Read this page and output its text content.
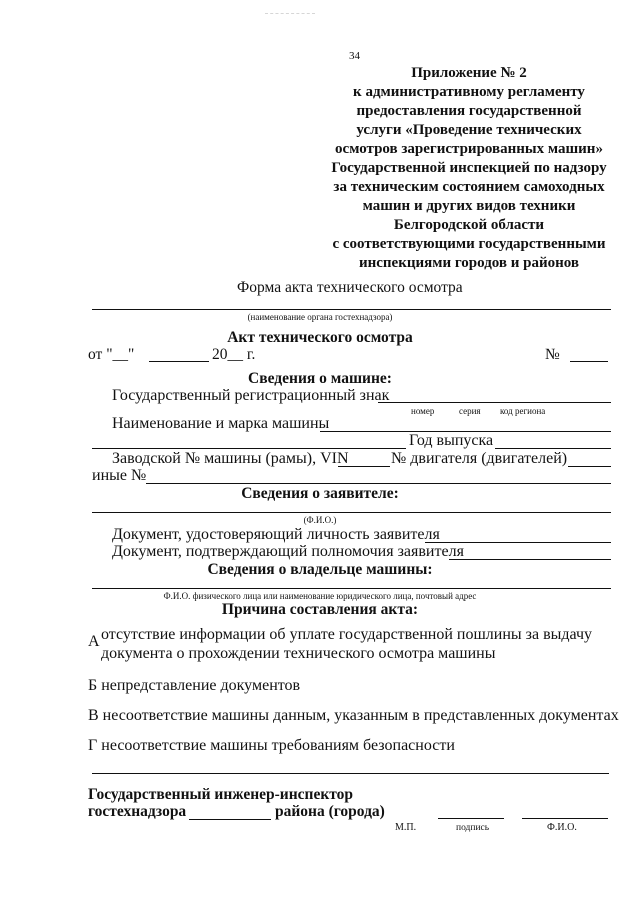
34
Приложение № 2
к административному регламенту
предоставления государственной
услуги «Проведение технических
осмотров зарегистрированных машин»
Государственной инспекцией по надзору
за техническим состоянием самоходных
машин и других видов техники
Белгородской области
с соответствующими государственными
инспекциями городов и районов
Форма акта технического осмотра
(наименование органа гостехнадзора)
Акт технического осмотра
от "__"	20__ г.	№
Сведения о машине:
Государственный регистрационный знак
номер	серия код региона
Наименование и марка машины
Год выпуска
Заводской № машины (рамы), VIN	№ двигателя (двигателей)
иные №
Сведения о заявителе:
(Ф.И.О.)
Документ, удостоверяющий личность заявителя
Документ, подтверждающий полномочия заявителя
Сведения о владельце машины:
Ф.И.О. физического лица или наименование юридического лица, почтовый адрес
Причина составления акта:
А отсутствие информации об уплате государственной пошлины за выдачу
документа о прохождении технического осмотра машины
Б непредставление документов
В несоответствие машины данным, указанным в представленных документах
Г несоответствие машины требованиям безопасности
Государственный инженер-инспектор
гостехнадзора	района (города)
М.П.	подпись	Ф.И.О.
